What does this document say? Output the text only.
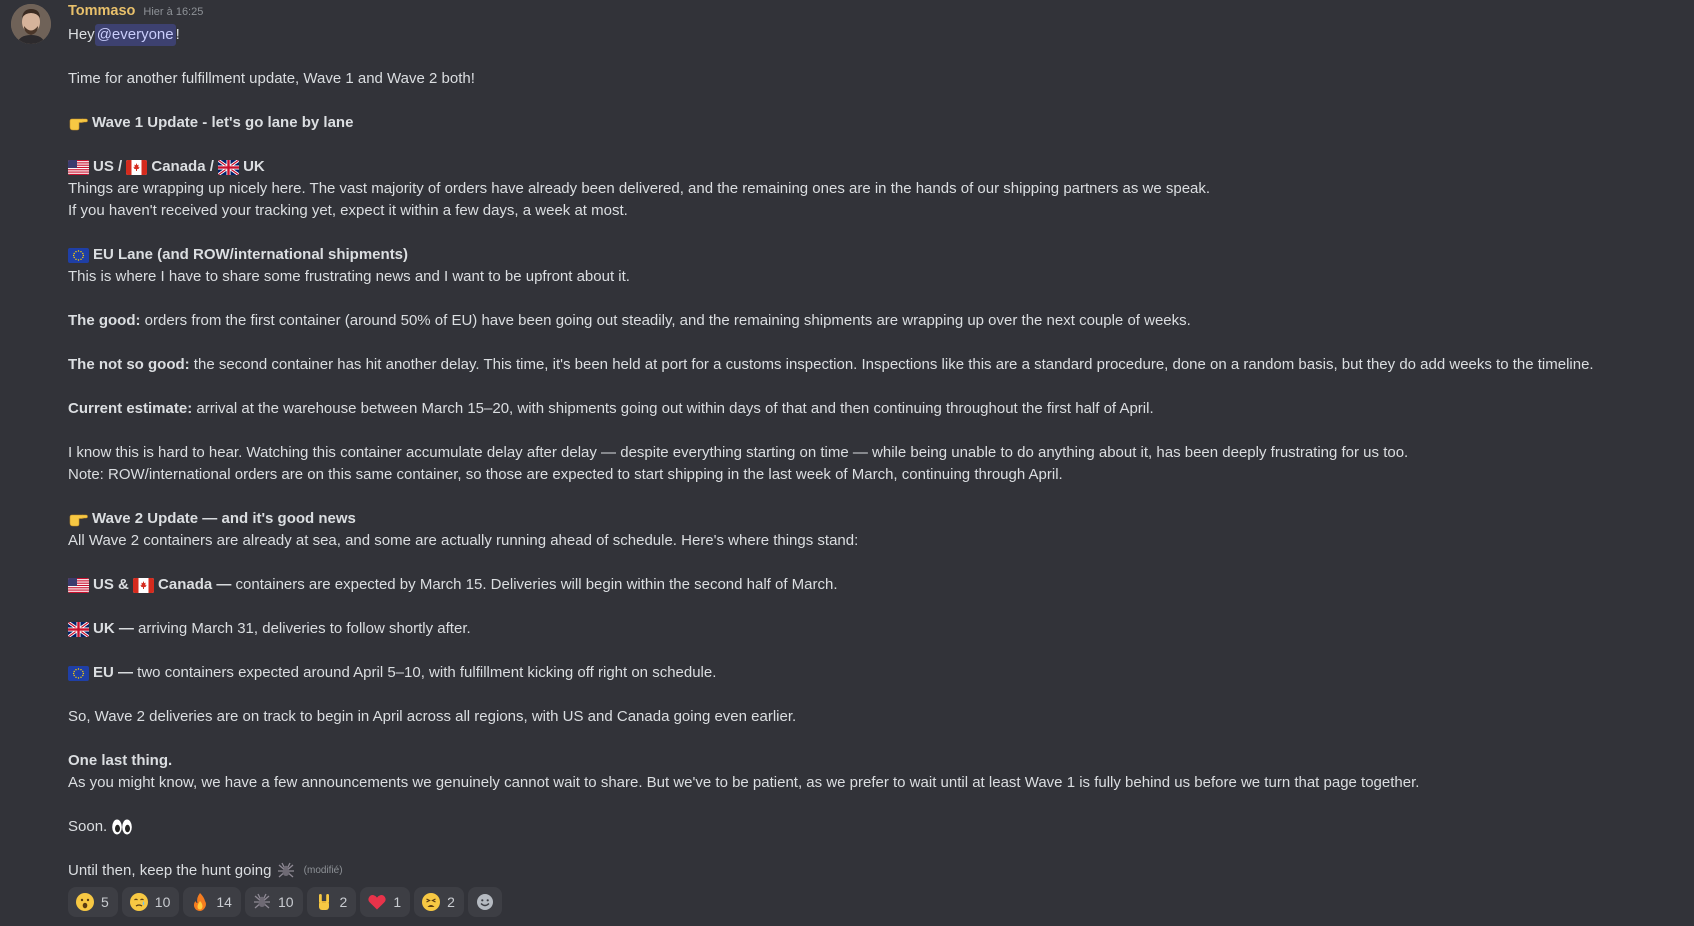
Tommaso Hier à 16:25
Hey @everyone !
Time for another fulfillment update, Wave 1 and Wave 2 both!
Wave 1 Update - let's go lane by lane
US /
Canada /
UK
Things are wrapping up nicely here. The vast majority of orders have already been delivered, and the remaining ones are in the hands of our shipping partners as we speak.
If you haven't received your tracking yet, expect it within a few days, a week at most.
EU Lane (and ROW/international shipments)
This is where I have to share some frustrating news and I want to be upfront about it.
The good: orders from the first container (around 50% of EU) have been going out steadily, and the remaining shipments are wrapping up over the next couple of weeks.
The not so good: the second container has hit another delay. This time, it's been held at port for a customs inspection. Inspections like this are a standard procedure, done on a random basis, but they do add weeks to the timeline.
Current estimate: arrival at the warehouse between March 15–20, with shipments going out within days of that and then continuing throughout the first half of April.
I know this is hard to hear. Watching this container accumulate delay after delay — despite everything starting on time — while being unable to do anything about it, has been deeply frustrating for us too.
Note: ROW/international orders are on this same container, so those are expected to start shipping in the last week of March, continuing through April.
Wave 2 Update — and it's good news
All Wave 2 containers are already at sea, and some are actually running ahead of schedule. Here's where things stand:
US &
Canada — containers are expected by March 15. Deliveries will begin within the second half of March.
UK — arriving March 31, deliveries to follow shortly after.
EU — two containers expected around April 5–10, with fulfillment kicking off right on schedule.
So, Wave 2 deliveries are on track to begin in April across all regions, with US and Canada going even earlier.
One last thing.
As you might know, we have a few announcements we genuinely cannot wait to share. But we've to be patient, as we prefer to wait until at least Wave 1 is fully behind us before we turn that page together.
Soon.

Until then, keep the hunt going
	(modifié)
5	10	14	10	2	1	2
